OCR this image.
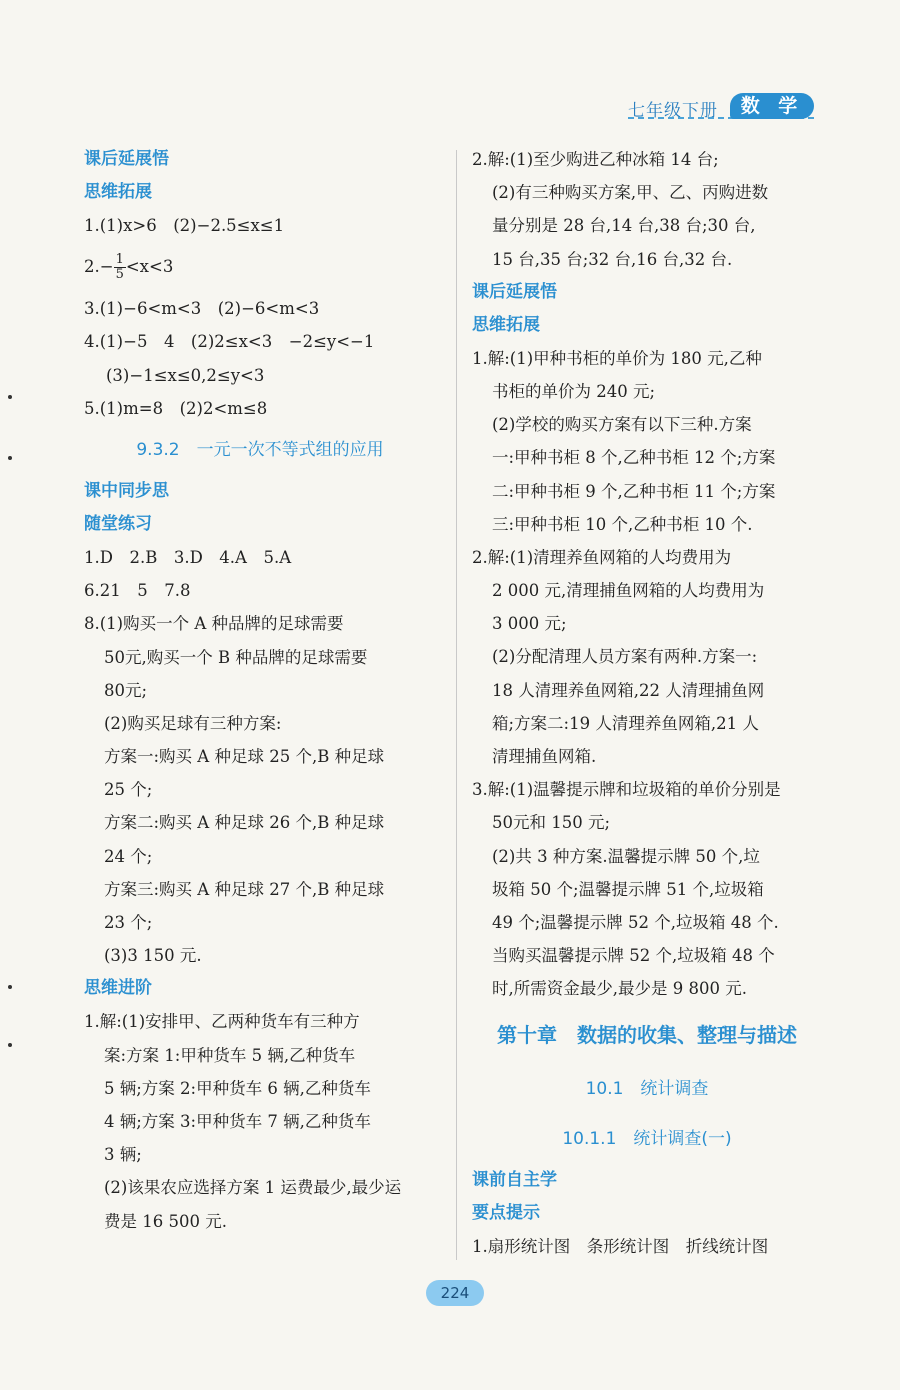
七年级下册	数 学
课后延展悟
思维拓展
1.(1)x>6　(2)−2.5≤x≤1
$2.- \frac{1}{5} <x<3$
3.(1)−6<m<3　(2)−6<m<3
4.(1)−5　4　(2)2≤x<3　−2≤y<−1
(3)−1≤x≤0,2≤y<3
5.(1)m=8　(2)2<m≤8
9.3.2　一元一次不等式组的应用
课中同步思
随堂练习
1.D　2.B　3.D　4.A　5.A
6.21　5　7.8
8.(1)购买一个 A 种品牌的足球需要
50元,购买一个 B 种品牌的足球需要
80元;
(2)购买足球有三种方案:
方案一:购买 A 种足球 25 个,B 种足球
25 个;
方案二:购买 A 种足球 26 个,B 种足球
24 个;
方案三:购买 A 种足球 27 个,B 种足球
23 个;
(3)3 150 元.
思维进阶
1.解:(1)安排甲、乙两种货车有三种方
案:方案 1:甲种货车 5 辆,乙种货车
5 辆;方案 2:甲种货车 6 辆,乙种货车
4 辆;方案 3:甲种货车 7 辆,乙种货车
3 辆;
(2)该果农应选择方案 1 运费最少,最少运
费是 16 500 元.
2.解:(1)至少购进乙种冰箱 14 台;
(2)有三种购买方案,甲、乙、丙购进数
量分别是 28 台,14 台,38 台;30 台,
15 台,35 台;32 台,16 台,32 台.
课后延展悟
思维拓展
1.解:(1)甲种书柜的单价为 180 元,乙种
书柜的单价为 240 元;
(2)学校的购买方案有以下三种.方案
一:甲种书柜 8 个,乙种书柜 12 个;方案
二:甲种书柜 9 个,乙种书柜 11 个;方案
三:甲种书柜 10 个,乙种书柜 10 个.
2.解:(1)清理养鱼网箱的人均费用为
2 000 元,清理捕鱼网箱的人均费用为
3 000 元;
(2)分配清理人员方案有两种.方案一:
18 人清理养鱼网箱,22 人清理捕鱼网
箱;方案二:19 人清理养鱼网箱,21 人
清理捕鱼网箱.
3.解:(1)温馨提示牌和垃圾箱的单价分别是
50元和 150 元;
(2)共 3 种方案.温馨提示牌 50 个,垃
圾箱 50 个;温馨提示牌 51 个,垃圾箱
49 个;温馨提示牌 52 个,垃圾箱 48 个.
当购买温馨提示牌 52 个,垃圾箱 48 个
时,所需资金最少,最少是 9 800 元.
第十章　数据的收集、整理与描述
10.1　统计调查
10.1.1　统计调查(一)
课前自主学
要点提示
1.扇形统计图　条形统计图　折线统计图
224
